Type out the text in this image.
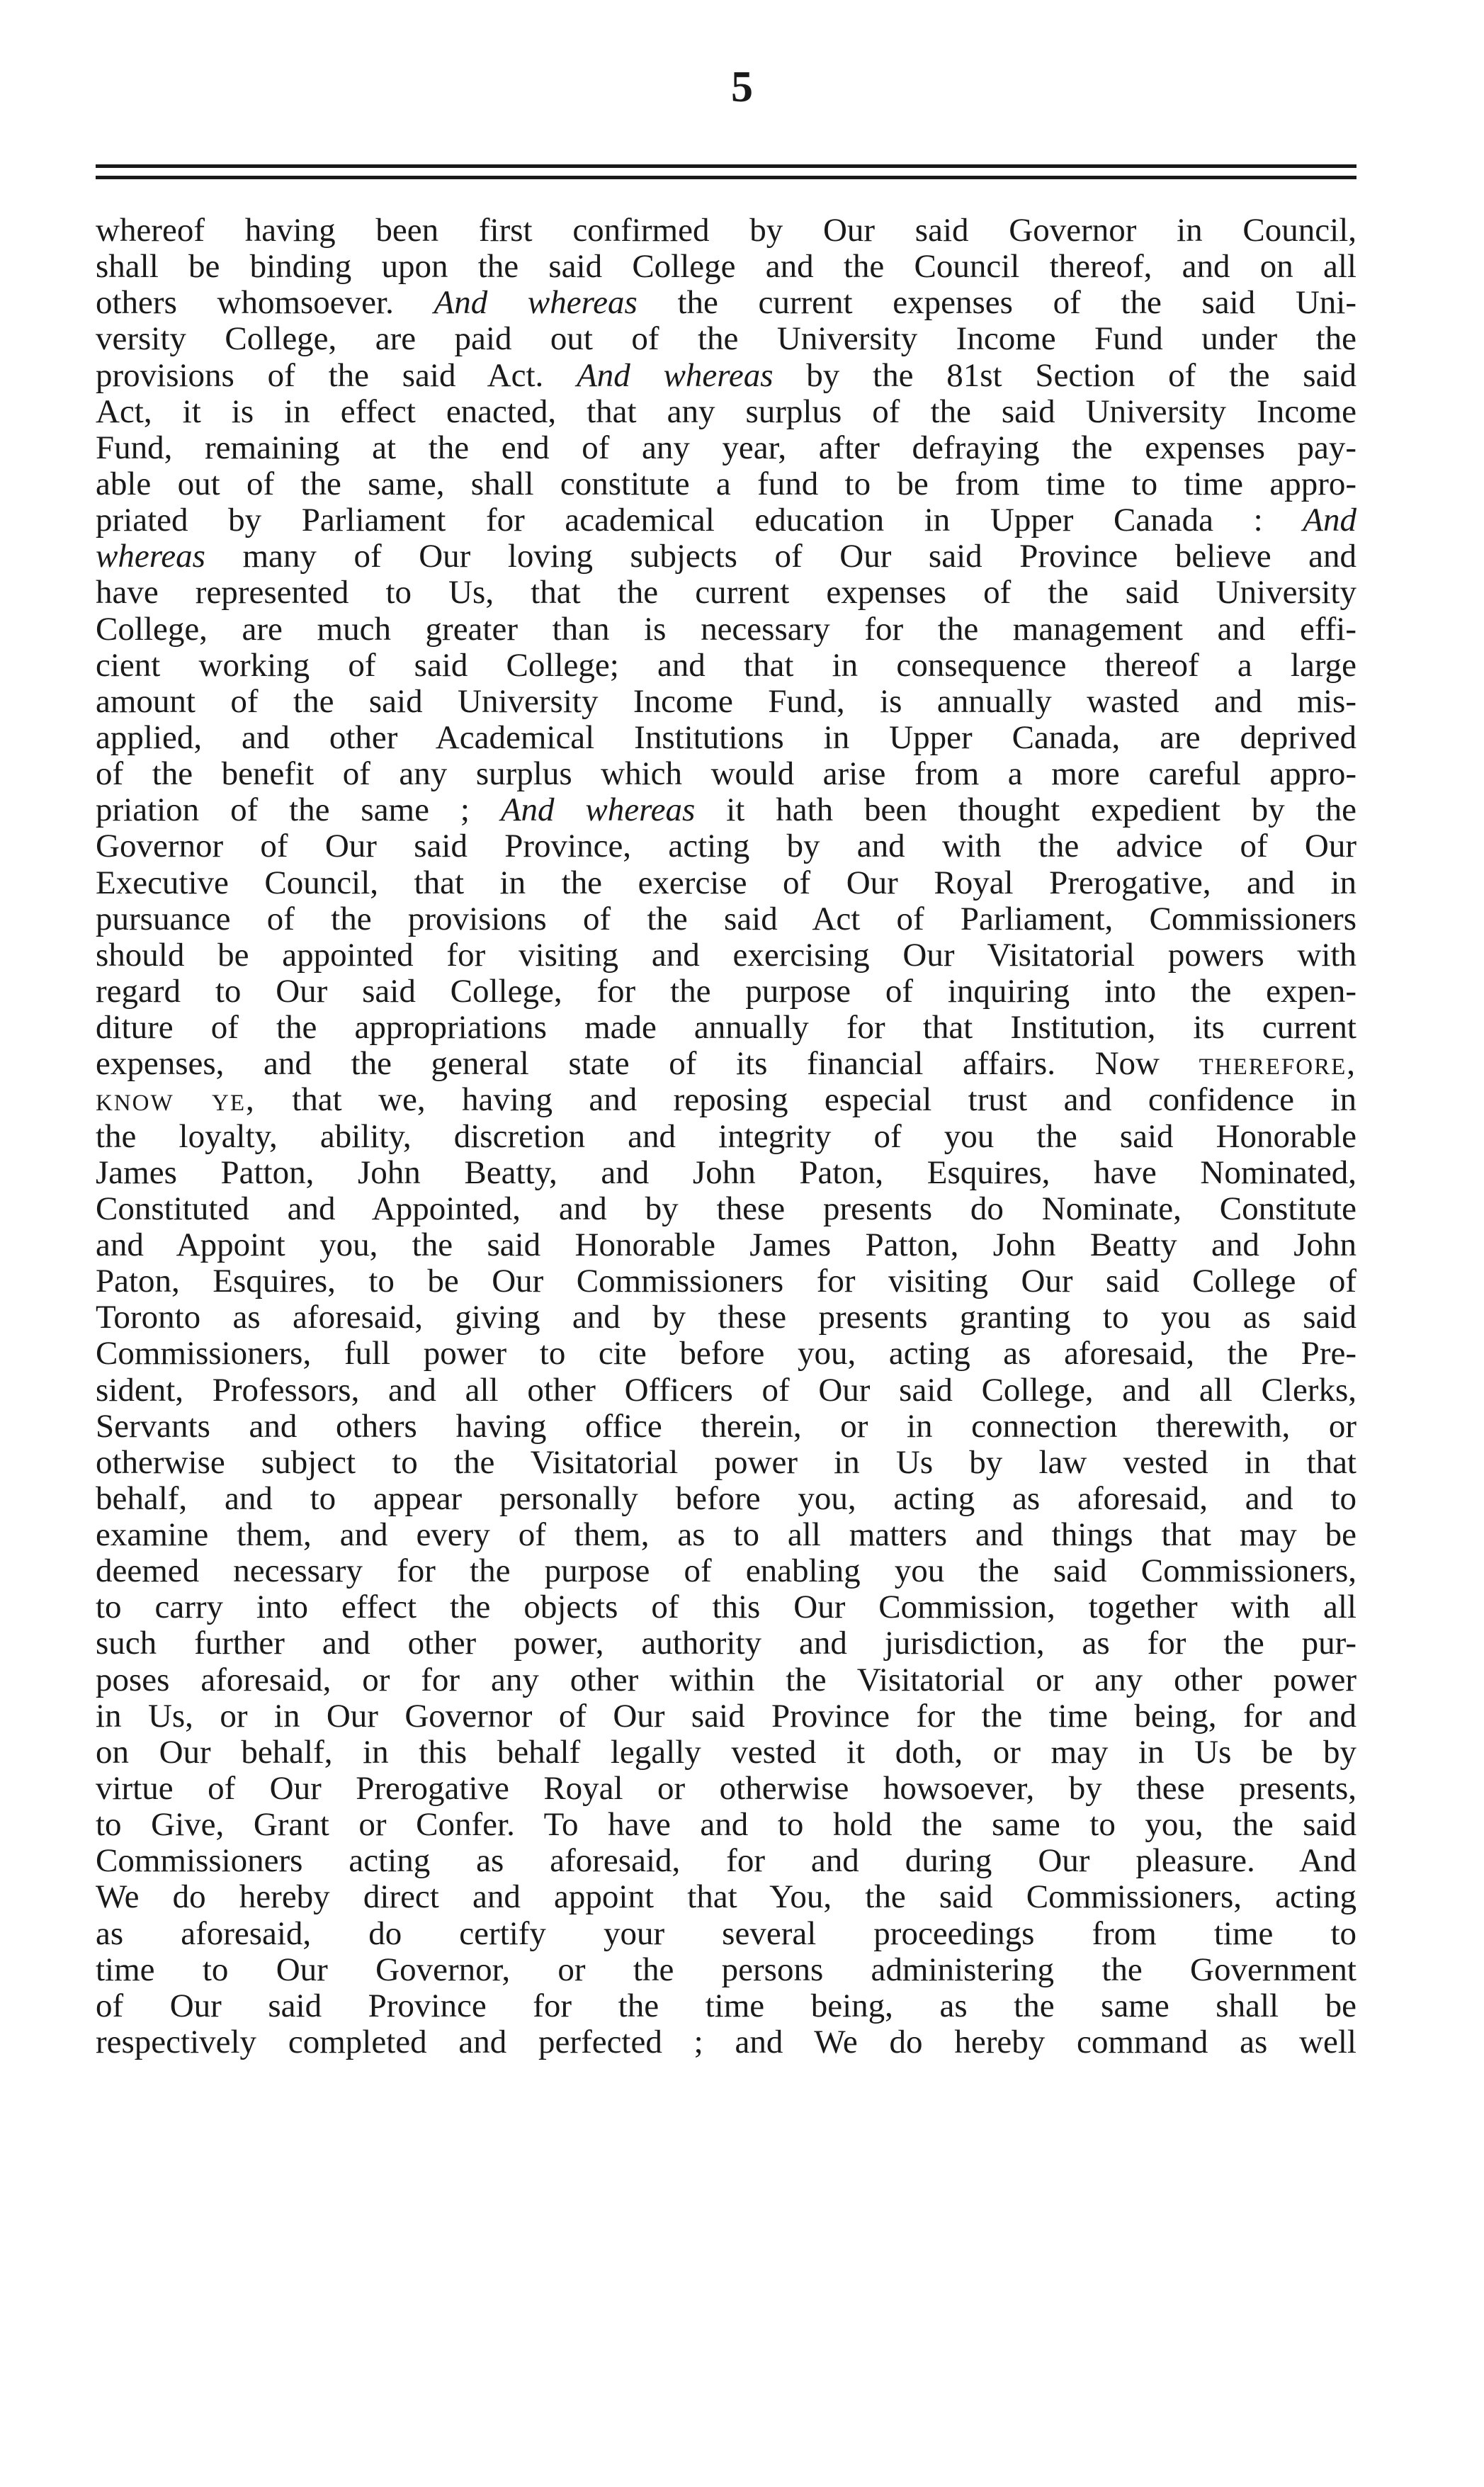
5
whereof having been first confirmed by Our said Governor in Council,
shall be binding upon the said College and the Council thereof, and on all
others whomsoever. And whereas the current expenses of the said Uni-
versity College, are paid out of the University Income Fund under the
provisions of the said Act. And whereas by the 81st Section of the said
Act, it is in effect enacted, that any surplus of the said University Income
Fund, remaining at the end of any year, after defraying the expenses pay-
able out of the same, shall constitute a fund to be from time to time appro-
priated by Parliament for academical education in Upper Canada : And
whereas many of Our loving subjects of Our said Province believe and
have represented to Us, that the current expenses of the said University
College, are much greater than is necessary for the management and effi-
cient working of said College; and that in consequence thereof a large
amount of the said University Income Fund, is annually wasted and mis-
applied, and other Academical Institutions in Upper Canada, are deprived
of the benefit of any surplus which would arise from a more careful appro-
priation of the same ; And whereas it hath been thought expedient by the
Governor of Our said Province, acting by and with the advice of Our
Executive Council, that in the exercise of Our Royal Prerogative, and in
pursuance of the provisions of the said Act of Parliament, Commissioners
should be appointed for visiting and exercising Our Visitatorial powers with
regard to Our said College, for the purpose of inquiring into the expen-
diture of the appropriations made annually for that Institution, its current
expenses, and the general state of its financial affairs. Now therefore,
know ye, that we, having and reposing especial trust and confidence in
the loyalty, ability, discretion and integrity of you the said Honorable
James Patton, John Beatty, and John Paton, Esquires, have Nominated,
Constituted and Appointed, and by these presents do Nominate, Constitute
and Appoint you, the said Honorable James Patton, John Beatty and John
Paton, Esquires, to be Our Commissioners for visiting Our said College of
Toronto as aforesaid, giving and by these presents granting to you as said
Commissioners, full power to cite before you, acting as aforesaid, the Pre-
sident, Professors, and all other Officers of Our said College, and all Clerks,
Servants and others having office therein, or in connection therewith, or
otherwise subject to the Visitatorial power in Us by law vested in that
behalf, and to appear personally before you, acting as aforesaid, and to
examine them, and every of them, as to all matters and things that may be
deemed necessary for the purpose of enabling you the said Commissioners,
to carry into effect the objects of this Our Commission, together with all
such further and other power, authority and jurisdiction, as for the pur-
poses aforesaid, or for any other within the Visitatorial or any other power
in Us, or in Our Governor of Our said Province for the time being, for and
on Our behalf, in this behalf legally vested it doth, or may in Us be by
virtue of Our Prerogative Royal or otherwise howsoever, by these presents,
to Give, Grant or Confer. To have and to hold the same to you, the said
Commissioners acting as aforesaid, for and during Our pleasure. And
We do hereby direct and appoint that You, the said Commissioners, acting
as aforesaid, do certify your several proceedings from time to
time to Our Governor, or the persons administering the Government
of Our said Province for the time being, as the same shall be
respectively completed and perfected ; and We do hereby command as well
